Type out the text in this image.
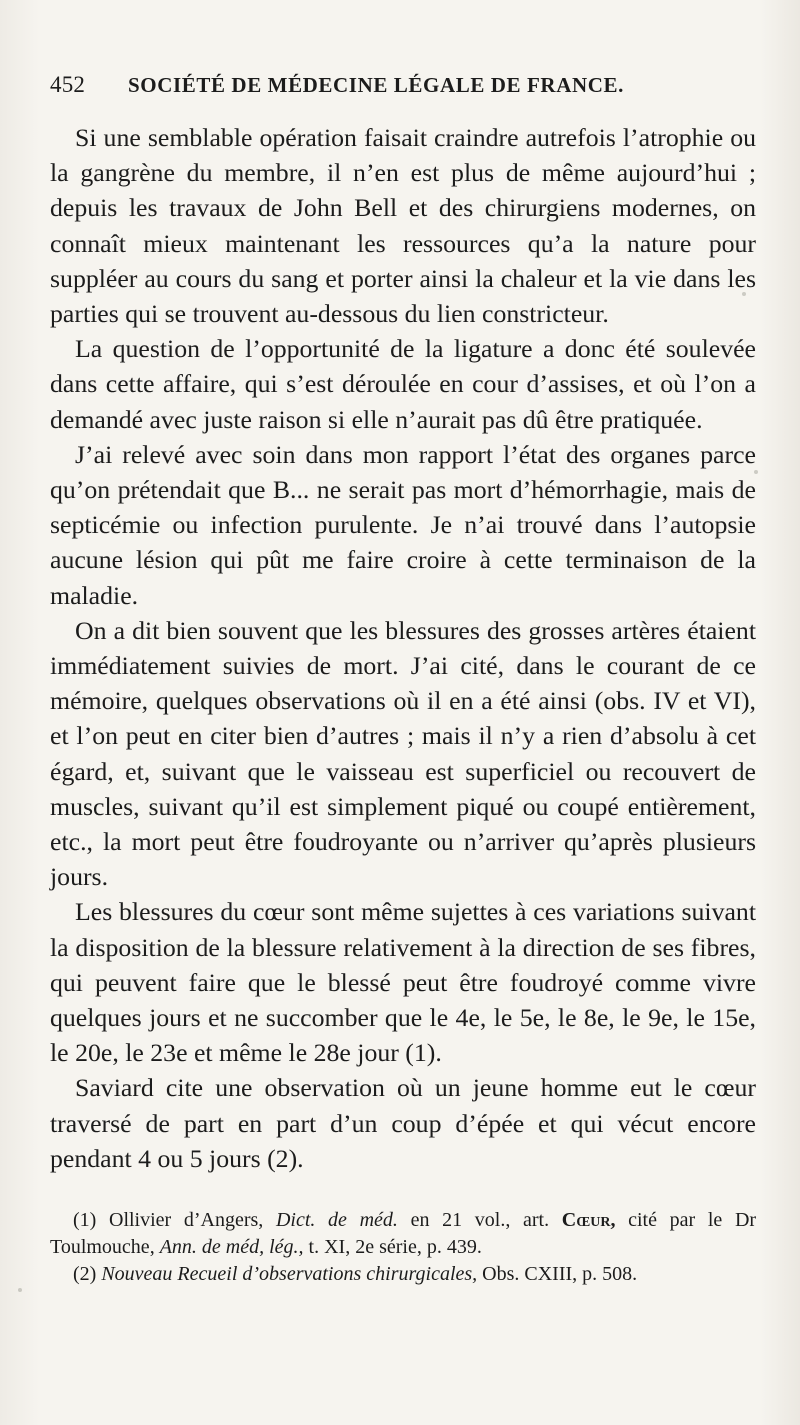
452	SOCIÉTÉ DE MÉDECINE LÉGALE DE FRANCE.

Si une semblable opération faisait craindre autrefois l’atrophie ou la gangrène du membre, il n’en est plus de même aujourd’hui ; depuis les travaux de John Bell et des chirurgiens modernes, on connaît mieux maintenant les ressources qu’a la nature pour suppléer au cours du sang et porter ainsi la chaleur et la vie dans les parties qui se trouvent au-dessous du lien constricteur.

La question de l’opportunité de la ligature a donc été soulevée dans cette affaire, qui s’est déroulée en cour d’assises, et où l’on a demandé avec juste raison si elle n’aurait pas dû être pratiquée.

J’ai relevé avec soin dans mon rapport l’état des organes parce qu’on prétendait que B... ne serait pas mort d’hémorrhagie, mais de septicémie ou infection purulente. Je n’ai trouvé dans l’autopsie aucune lésion qui pût me faire croire à cette terminaison de la maladie.

On a dit bien souvent que les blessures des grosses artères étaient immédiatement suivies de mort. J’ai cité, dans le courant de ce mémoire, quelques observations où il en a été ainsi (obs. IV et VI), et l’on peut en citer bien d’autres ; mais il n’y a rien d’absolu à cet égard, et, suivant que le vaisseau est superficiel ou recouvert de muscles, suivant qu’il est simplement piqué ou coupé entièrement, etc., la mort peut être foudroyante ou n’arriver qu’après plusieurs jours.

Les blessures du cœur sont même sujettes à ces variations suivant la disposition de la blessure relativement à la direction de ses fibres, qui peuvent faire que le blessé peut être foudroyé comme vivre quelques jours et ne succomber que le 4e, le 5e, le 8e, le 9e, le 15e, le 20e, le 23e et même le 28e jour (1).

Saviard cite une observation où un jeune homme eut le cœur traversé de part en part d’un coup d’épée et qui vécut encore pendant 4 ou 5 jours (2).

(1) Ollivier d’Angers, Dict. de méd. en 21 vol., art. Cœur, cité par le Dr Toulmouche, Ann. de méd, lég., t. XI, 2e série, p. 439.

(2) Nouveau Recueil d’observations chirurgicales, Obs. CXIII, p. 508.
